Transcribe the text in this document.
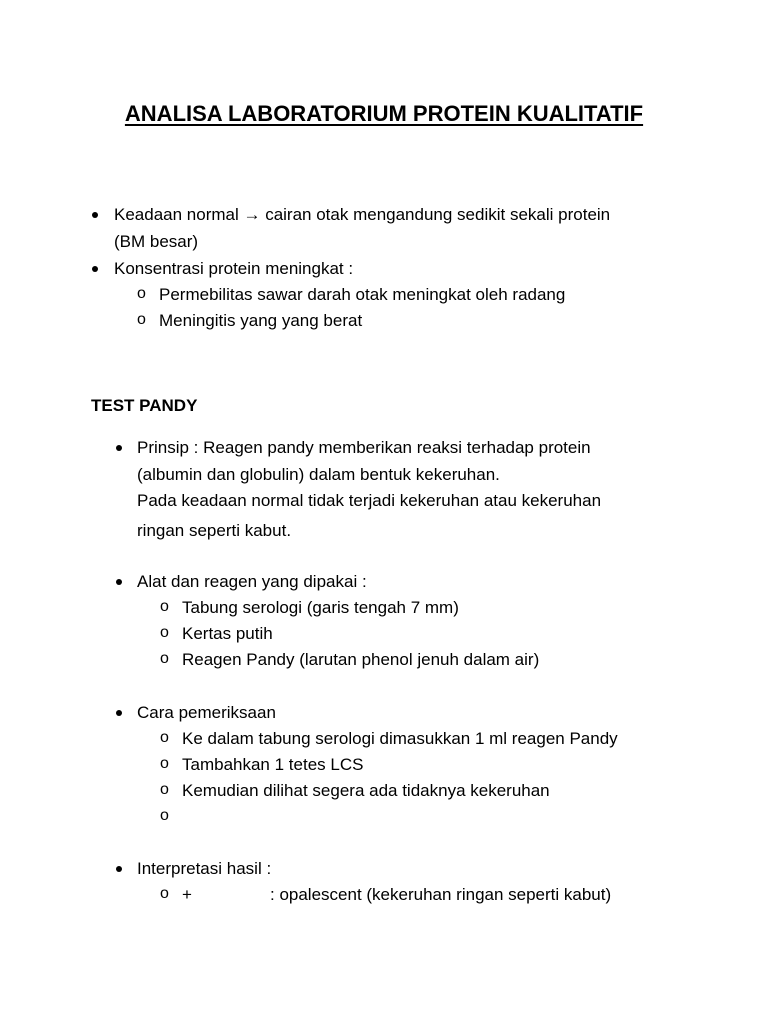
ANALISA LABORATORIUM PROTEIN KUALITATIF
Keadaan normal → cairan otak mengandung sedikit sekali protein
(BM besar)
Konsentrasi protein meningkat :
o Permebilitas sawar darah otak meningkat oleh radang
o Meningitis yang yang berat
TEST PANDY
Prinsip : Reagen pandy memberikan reaksi terhadap protein
(albumin dan globulin) dalam bentuk kekeruhan.
Pada keadaan normal tidak terjadi kekeruhan atau kekeruhan
ringan seperti kabut.
Alat dan reagen yang dipakai :
o Tabung serologi (garis tengah 7 mm)
o Kertas putih
o Reagen Pandy (larutan phenol jenuh dalam air)
Cara pemeriksaan
o Ke dalam tabung serologi dimasukkan 1 ml reagen Pandy
o Tambahkan 1 tetes LCS
o Kemudian dilihat segera ada tidaknya kekeruhan
o
Interpretasi hasil :
o +	: opalescent (kekeruhan ringan seperti kabut)
